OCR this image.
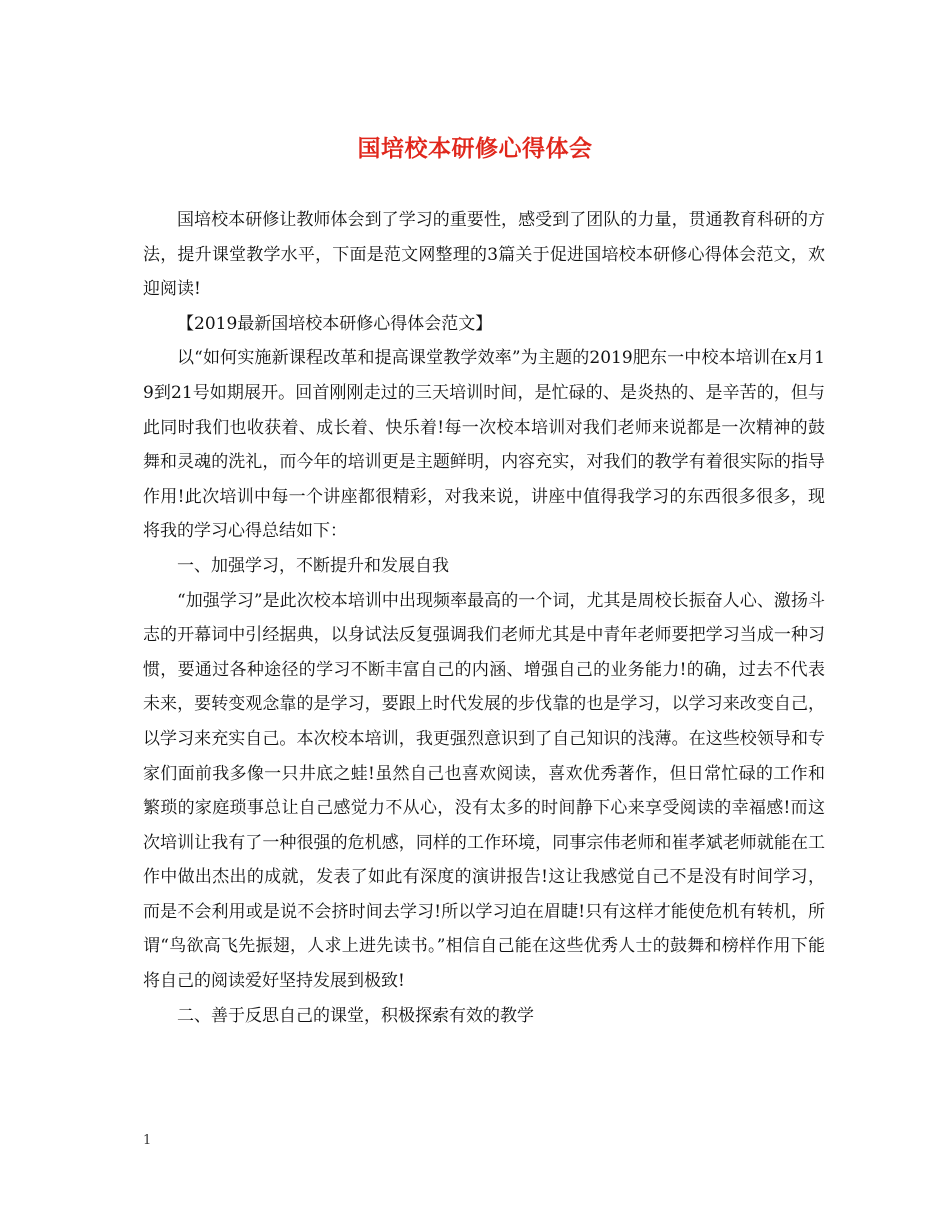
国培校本研修心得体会

国培校本研修让教师体会到了学习的重要性，感受到了团队的力量，贯通教育科研的方法，提升课堂教学水平，下面是范文网整理的3篇关于促进国培校本研修心得体会范文，欢迎阅读!

【2019最新国培校本研修心得体会范文】

以“如何实施新课程改革和提高课堂教学效率”为主题的2019肥东一中校本培训在x月19到21号如期展开。回首刚刚走过的三天培训时间，是忙碌的、是炎热的、是辛苦的，但与此同时我们也收获着、成长着、快乐着!每一次校本培训对我们老师来说都是一次精神的鼓舞和灵魂的洗礼，而今年的培训更是主题鲜明，内容充实，对我们的教学有着很实际的指导作用!此次培训中每一个讲座都很精彩，对我来说，讲座中值得我学习的东西很多很多，现将我的学习心得总结如下：

一、加强学习，不断提升和发展自我

“加强学习”是此次校本培训中出现频率最高的一个词，尤其是周校长振奋人心、激扬斗志的开幕词中引经据典，以身试法反复强调我们老师尤其是中青年老师要把学习当成一种习惯，要通过各种途径的学习不断丰富自己的内涵、增强自己的业务能力!的确，过去不代表未来，要转变观念靠的是学习，要跟上时代发展的步伐靠的也是学习，以学习来改变自己，以学习来充实自己。本次校本培训，我更强烈意识到了自己知识的浅薄。在这些校领导和专家们面前我多像一只井底之蛙!虽然自己也喜欢阅读，喜欢优秀著作，但日常忙碌的工作和繁琐的家庭琐事总让自己感觉力不从心，没有太多的时间静下心来享受阅读的幸福感!而这次培训让我有了一种很强的危机感，同样的工作环境，同事宗伟老师和崔孝斌老师就能在工作中做出杰出的成就，发表了如此有深度的演讲报告!这让我感觉自己不是没有时间学习，而是不会利用或是说不会挤时间去学习!所以学习迫在眉睫!只有这样才能使危机有转机，所谓“鸟欲高飞先振翅，人求上进先读书。”相信自己能在这些优秀人士的鼓舞和榜样作用下能将自己的阅读爱好坚持发展到极致!

二、善于反思自己的课堂，积极探索有效的教学

1
